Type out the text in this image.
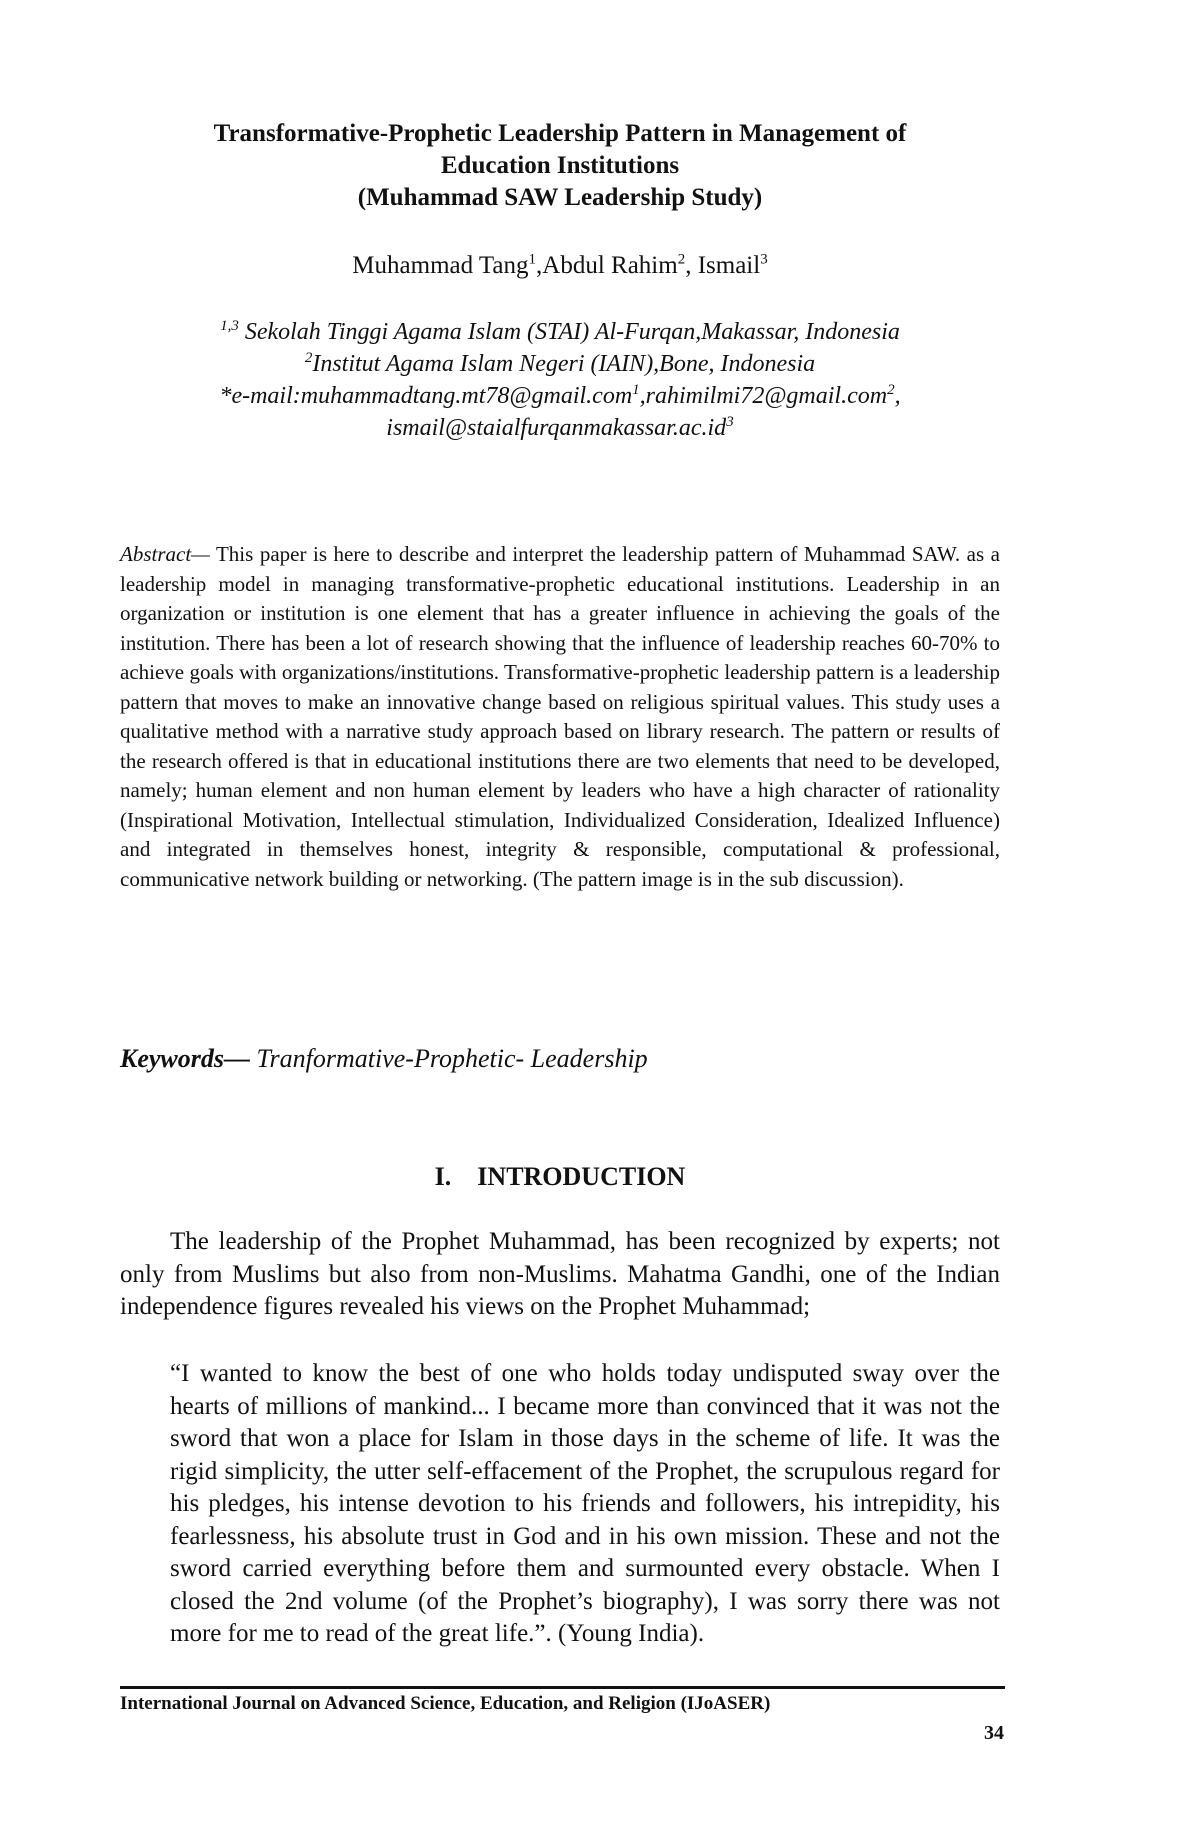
Transformative-Prophetic Leadership Pattern in Management of
Education Institutions
(Muhammad SAW Leadership Study)
Muhammad Tang$^1$,Abdul Rahim$^2$, Ismail$^3$
$^{1,3}$ Sekolah Tinggi Agama Islam (STAI) Al-Furqan,Makassar, Indonesia
$^2$Institut Agama Islam Negeri (IAIN),Bone, Indonesia
*e-mail:muhammadtang.mt78@gmail.com$^1$,rahimilmi72@gmail.com$^2$,
$ismail@staialfurqanmakassar.ac.id^3$
Abstract— This paper is here to describe and interpret the leadership pattern of Muhammad SAW. as a leadership model in managing transformative-prophetic educational institutions. Leadership in an organization or institution is one element that has a greater influence in achieving the goals of the institution. There has been a lot of research showing that the influence of leadership reaches 60-70% to achieve goals with organizations/institutions. Transformative-prophetic leadership pattern is a leadership pattern that moves to make an innovative change based on religious spiritual values. This study uses a qualitative method with a narrative study approach based on library research. The pattern or results of the research offered is that in educational institutions there are two elements that need to be developed, namely; human element and non human element by leaders who have a high character of rationality (Inspirational Motivation, Intellectual stimulation, Individualized Consideration, Idealized Influence) and integrated in themselves honest, integrity & responsible, computational & professional, communicative network building or networking. (The pattern image is in the sub discussion).
Keywords— Tranformative-Prophetic- Leadership
I. INTRODUCTION

The leadership of the Prophet Muhammad, has been recognized by experts; not only from Muslims but also from non-Muslims. Mahatma Gandhi, one of the Indian independence figures revealed his views on the Prophet Muhammad;

“I wanted to know the best of one who holds today undisputed sway over the hearts of millions of mankind... I became more than convinced that it was not the sword that won a place for Islam in those days in the scheme of life. It was the rigid simplicity, the utter self-effacement of the Prophet, the scrupulous regard for his pledges, his intense devotion to his friends and followers, his intrepidity, his fearlessness, his absolute trust in God and in his own mission. These and not the sword carried everything before them and surmounted every obstacle. When I closed the 2nd volume (of the Prophet’s biography), I was sorry there was not more for me to read of the great life.”. (Young India).

International Journal on Advanced Science, Education, and Religion (IJoASER)
34
